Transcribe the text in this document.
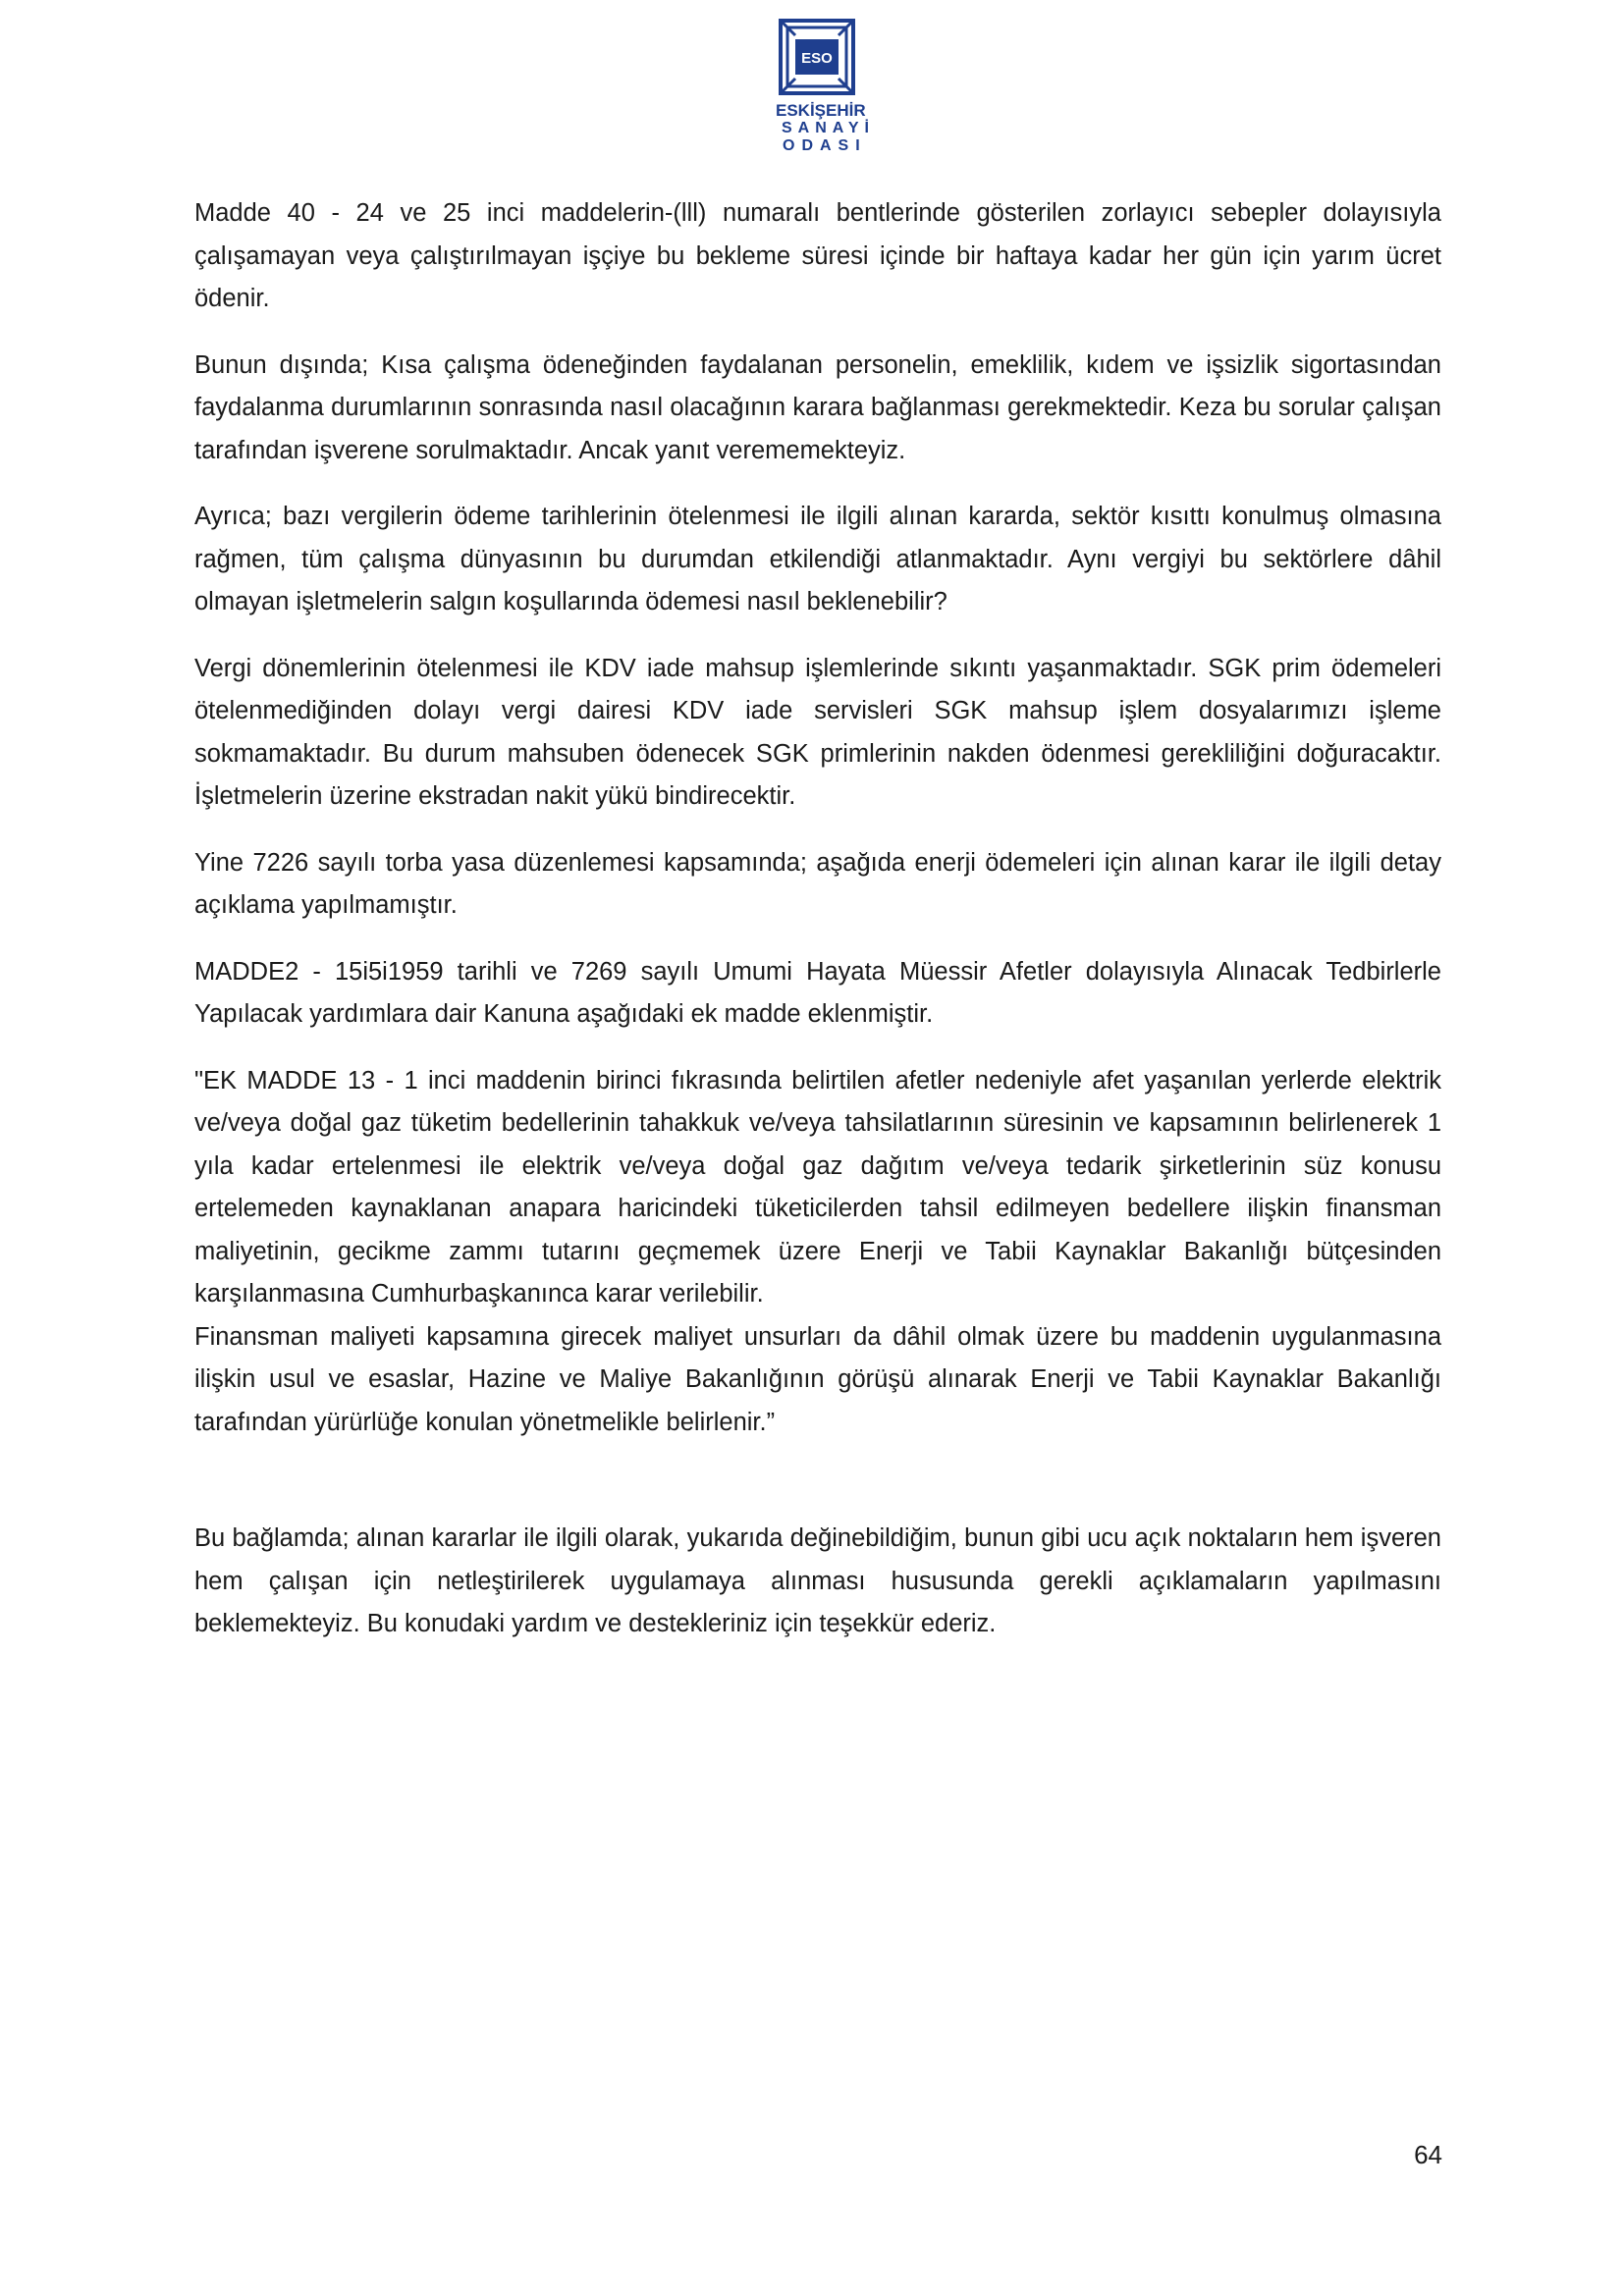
ESO
ESKİŞEHİR
SANAYİ
ODASI

Madde 40 - 24 ve 25 inci maddelerin-(lll) numaralı bentlerinde gösterilen zorlayıcı sebepler dolayısıyla çalışamayan veya çalıştırılmayan işçiye bu bekleme süresi içinde bir haftaya kadar her gün için yarım ücret ödenir.

Bunun dışında; Kısa çalışma ödeneğinden faydalanan personelin, emeklilik, kıdem ve işsizlik sigortasından faydalanma durumlarının sonrasında nasıl olacağının karara bağlanması gerekmektedir. Keza bu sorular çalışan tarafından işverene sorulmaktadır. Ancak yanıt verememekteyiz.

Ayrıca; bazı vergilerin ödeme tarihlerinin ötelenmesi ile ilgili alınan kararda, sektör kısıttı konulmuş olmasına rağmen, tüm çalışma dünyasının bu durumdan etkilendiği atlanmaktadır. Aynı vergiyi bu sektörlere dâhil olmayan işletmelerin salgın koşullarında ödemesi nasıl beklenebilir?

Vergi dönemlerinin ötelenmesi ile KDV iade mahsup işlemlerinde sıkıntı yaşanmaktadır. SGK prim ödemeleri ötelenmediğinden dolayı vergi dairesi KDV iade servisleri SGK mahsup işlem dosyalarımızı işleme sokmamaktadır. Bu durum mahsuben ödenecek SGK primlerinin nakden ödenmesi gerekliliğini doğuracaktır. İşletmelerin üzerine ekstradan nakit yükü bindirecektir.

Yine 7226 sayılı torba yasa düzenlemesi kapsamında; aşağıda enerji ödemeleri için alınan karar ile ilgili detay açıklama yapılmamıştır.

MADDE2 - 15i5i1959 tarihli ve 7269 sayılı Umumi Hayata Müessir Afetler dolayısıyla Alınacak Tedbirlerle Yapılacak yardımlara dair Kanuna aşağıdaki ek madde eklenmiştir.

"EK MADDE 13 - 1 inci maddenin birinci fıkrasında belirtilen afetler nedeniyle afet yaşanılan yerlerde elektrik ve/veya doğal gaz tüketim bedellerinin tahakkuk ve/veya tahsilatlarının süresinin ve kapsamının belirlenerek 1 yıla kadar ertelenmesi ile elektrik ve/veya doğal gaz dağıtım ve/veya tedarik şirketlerinin süz konusu ertelemeden kaynaklanan anapara haricindeki tüketicilerden tahsil edilmeyen bedellere ilişkin finansman maliyetinin, gecikme zammı tutarını geçmemek üzere Enerji ve Tabii Kaynaklar Bakanlığı bütçesinden karşılanmasına Cumhurbaşkanınca karar verilebilir.

Finansman maliyeti kapsamına girecek maliyet unsurları da dâhil olmak üzere bu maddenin uygulanmasına ilişkin usul ve esaslar, Hazine ve Maliye Bakanlığının görüşü alınarak Enerji ve Tabii Kaynaklar Bakanlığı tarafından yürürlüğe konulan yönetmelikle belirlenir.”

Bu bağlamda; alınan kararlar ile ilgili olarak, yukarıda değinebildiğim, bunun gibi ucu açık noktaların hem işveren hem çalışan için netleştirilerek uygulamaya alınması hususunda gerekli açıklamaların yapılmasını beklemekteyiz. Bu konudaki yardım ve destekleriniz için teşekkür ederiz.

64
